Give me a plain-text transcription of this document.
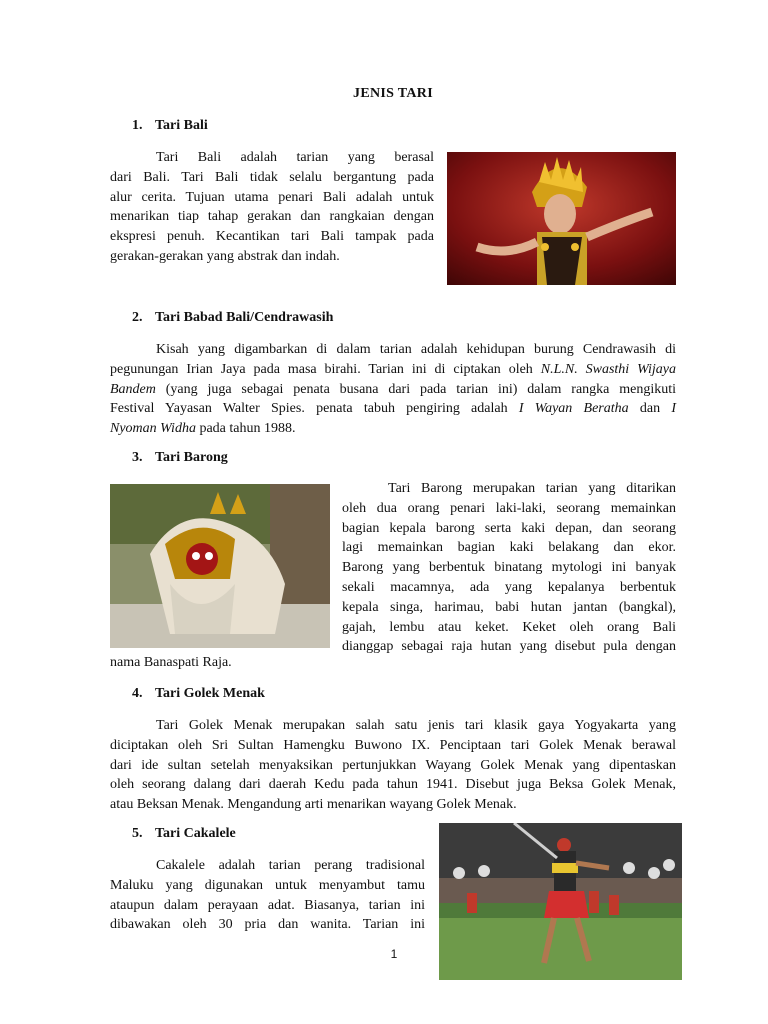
JENIS TARI
1. Tari Bali
Tari Bali adalah tarian yang berasal
dari Bali. Tari Bali tidak selalu bergantung pada
alur cerita. Tujuan utama penari Bali adalah untuk
menarikan tiap tahap gerakan dan rangkaian dengan
ekspresi penuh. Kecantikan tari Bali tampak pada
gerakan-gerakan yang abstrak dan indah.
2. Tari Babad Bali/Cendrawasih
Kisah yang digambarkan di dalam tarian adalah kehidupan burung Cendrawasih di
pegunungan Irian Jaya pada masa birahi. Tarian ini di ciptakan oleh N.L.N. Swasthi Wijaya
Bandem (yang juga sebagai penata busana dari pada tarian ini) dalam rangka mengikuti
Festival Yayasan Walter Spies. penata tabuh pengiring adalah I Wayan Beratha dan I
Nyoman Widha pada tahun 1988.
3. Tari Barong
Tari Barong merupakan tarian yang ditarikan
oleh dua orang penari laki-laki, seorang memainkan
bagian kepala barong serta kaki depan, dan seorang
lagi memainkan bagian kaki belakang dan ekor.
Barong yang berbentuk binatang mytologi ini banyak
sekali macamnya, ada yang kepalanya berbentuk
kepala singa, harimau, babi hutan jantan (bangkal),
gajah, lembu atau keket. Keket oleh orang Bali
dianggap sebagai raja hutan yang disebut pula dengan
nama Banaspati Raja.
4. Tari Golek Menak
Tari Golek Menak merupakan salah satu jenis tari klasik gaya Yogyakarta yang
diciptakan oleh Sri Sultan Hamengku Buwono IX. Penciptaan tari Golek Menak berawal
dari ide sultan setelah menyaksikan pertunjukkan Wayang Golek Menak yang dipentaskan
oleh seorang dalang dari daerah Kedu pada tahun 1941. Disebut juga Beksa Golek Menak,
atau Beksan Menak. Mengandung arti menarikan wayang Golek Menak.
5. Tari Cakalele
Cakalele adalah tarian perang tradisional
Maluku yang digunakan untuk menyambut tamu
ataupun dalam perayaan adat. Biasanya, tarian ini
dibawakan oleh 30 pria dan wanita. Tarian ini
1
